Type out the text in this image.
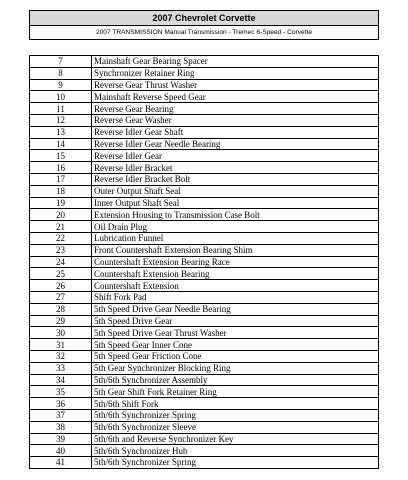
2007 Chevrolet Corvette
2007 TRANSMISSION Manual Transmission - Tremec 6-Speed - Corvette
7	Mainshaft Gear Bearing Spacer
8	Synchronizer Retainer Ring
9	Reverse Gear Thrust Washer
10	Mainshaft Reverse Speed Gear
11	Reverse Gear Bearing
12	Reverse Gear Washer
13	Reverse Idler Gear Shaft
14	Reverse Idler Gear Needle Bearing
15	Reverse Idler Gear
16	Reverse Idler Bracket
17	Reverse Idler Bracket Bolt
18	Outer Output Shaft Seal
19	Inner Output Shaft Seal
20	Extension Housing to Transmission Case Bolt
21	Oil Drain Plug
22	Lubrication Funnel
23	Front Countershaft Extension Bearing Shim
24	Countershaft Extension Bearing Race
25	Countershaft Extension Bearing
26	Countershaft Extension
27	Shift Fork Pad
28	5th Speed Drive Gear Needle Bearing
29	5th Speed Drive Gear
30	5th Speed Drive Gear Thrust Washer
31	5th Speed Gear Inner Cone
32	5th Speed Gear Friction Cone
33	5th Gear Synchronizer Blocking Ring
34	5th/6th Synchronizer Assembly
35	5th Gear Shift Fork Retainer Ring
36	5th/6th Shift Fork
37	5th/6th Synchronizer Spring
38	5th/6th Synchronizer Sleeve
39	5th/6th and Reverse Synchronizer Key
40	5th/6th Synchronizer Hub
41	5th/6th Synchronizer Spring
